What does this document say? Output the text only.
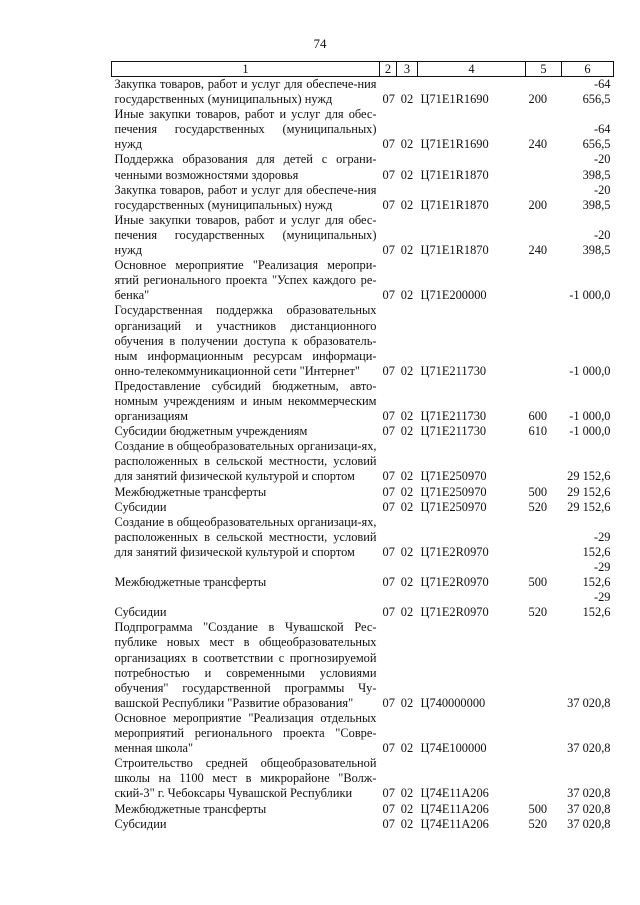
74
1	2	3	4	5	6
Закупка товаров, работ и услуг для обеспече-ния государственных (муниципальных) нужд	07	02	Ц71Е1R1690	200	-64 656,5
Иные закупки товаров, работ и услуг для обес-печения государственных (муниципальных) нужд	07	02	Ц71Е1R1690	240	-64 656,5
Поддержка образования для детей с ограни-ченными возможностями здоровья	07	02	Ц71Е1R1870		-20 398,5
Закупка товаров, работ и услуг для обеспече-ния государственных (муниципальных) нужд	07	02	Ц71Е1R1870	200	-20 398,5
Иные закупки товаров, работ и услуг для обес-печения государственных (муниципальных) нужд	07	02	Ц71Е1R1870	240	-20 398,5
Основное мероприятие "Реализация меропри-ятий регионального проекта "Успех каждого ре-бенка"	07	02	Ц71Е200000		-1 000,0
Государственная поддержка образовательных организаций и участников дистанционного обучения в получении доступа к образователь-ным информационным ресурсам информаци-онно-телекоммуникационной сети "Интернет"	07	02	Ц71Е211730		-1 000,0
Предоставление субсидий бюджетным, авто-номным учреждениям и иным некоммерческим организациям	07	02	Ц71Е211730	600	-1 000,0
Субсидии бюджетным учреждениям	07	02	Ц71Е211730	610	-1 000,0
Создание в общеобразовательных организаци-ях, расположенных в сельской местности, условий для занятий физической культурой и спортом	07	02	Ц71Е250970		29 152,6
Межбюджетные трансферты	07	02	Ц71Е250970	500	29 152,6
Субсидии	07	02	Ц71Е250970	520	29 152,6
Создание в общеобразовательных организаци-ях, расположенных в сельской местности, условий для занятий физической культурой и спортом	07	02	Ц71Е2R0970		-29 152,6
Межбюджетные трансферты	07	02	Ц71Е2R0970	500	-29 152,6
Субсидии	07	02	Ц71Е2R0970	520	-29 152,6
Подпрограмма "Создание в Чувашской Рес-публике новых мест в общеобразовательных организациях в соответствии с прогнозируемой потребностью и современными условиями обучения" государственной программы Чу-вашской Республики "Развитие образования"	07	02	Ц740000000		37 020,8
Основное мероприятие "Реализация отдельных мероприятий регионального проекта "Совре-менная школа"	07	02	Ц74Е100000		37 020,8
Строительство средней общеобразовательной школы на 1100 мест в микрорайоне "Волж-ский-3" г. Чебоксары Чувашской Республики	07	02	Ц74Е11А206		37 020,8
Межбюджетные трансферты	07	02	Ц74Е11А206	500	37 020,8
Субсидии	07	02	Ц74Е11А206	520	37 020,8
